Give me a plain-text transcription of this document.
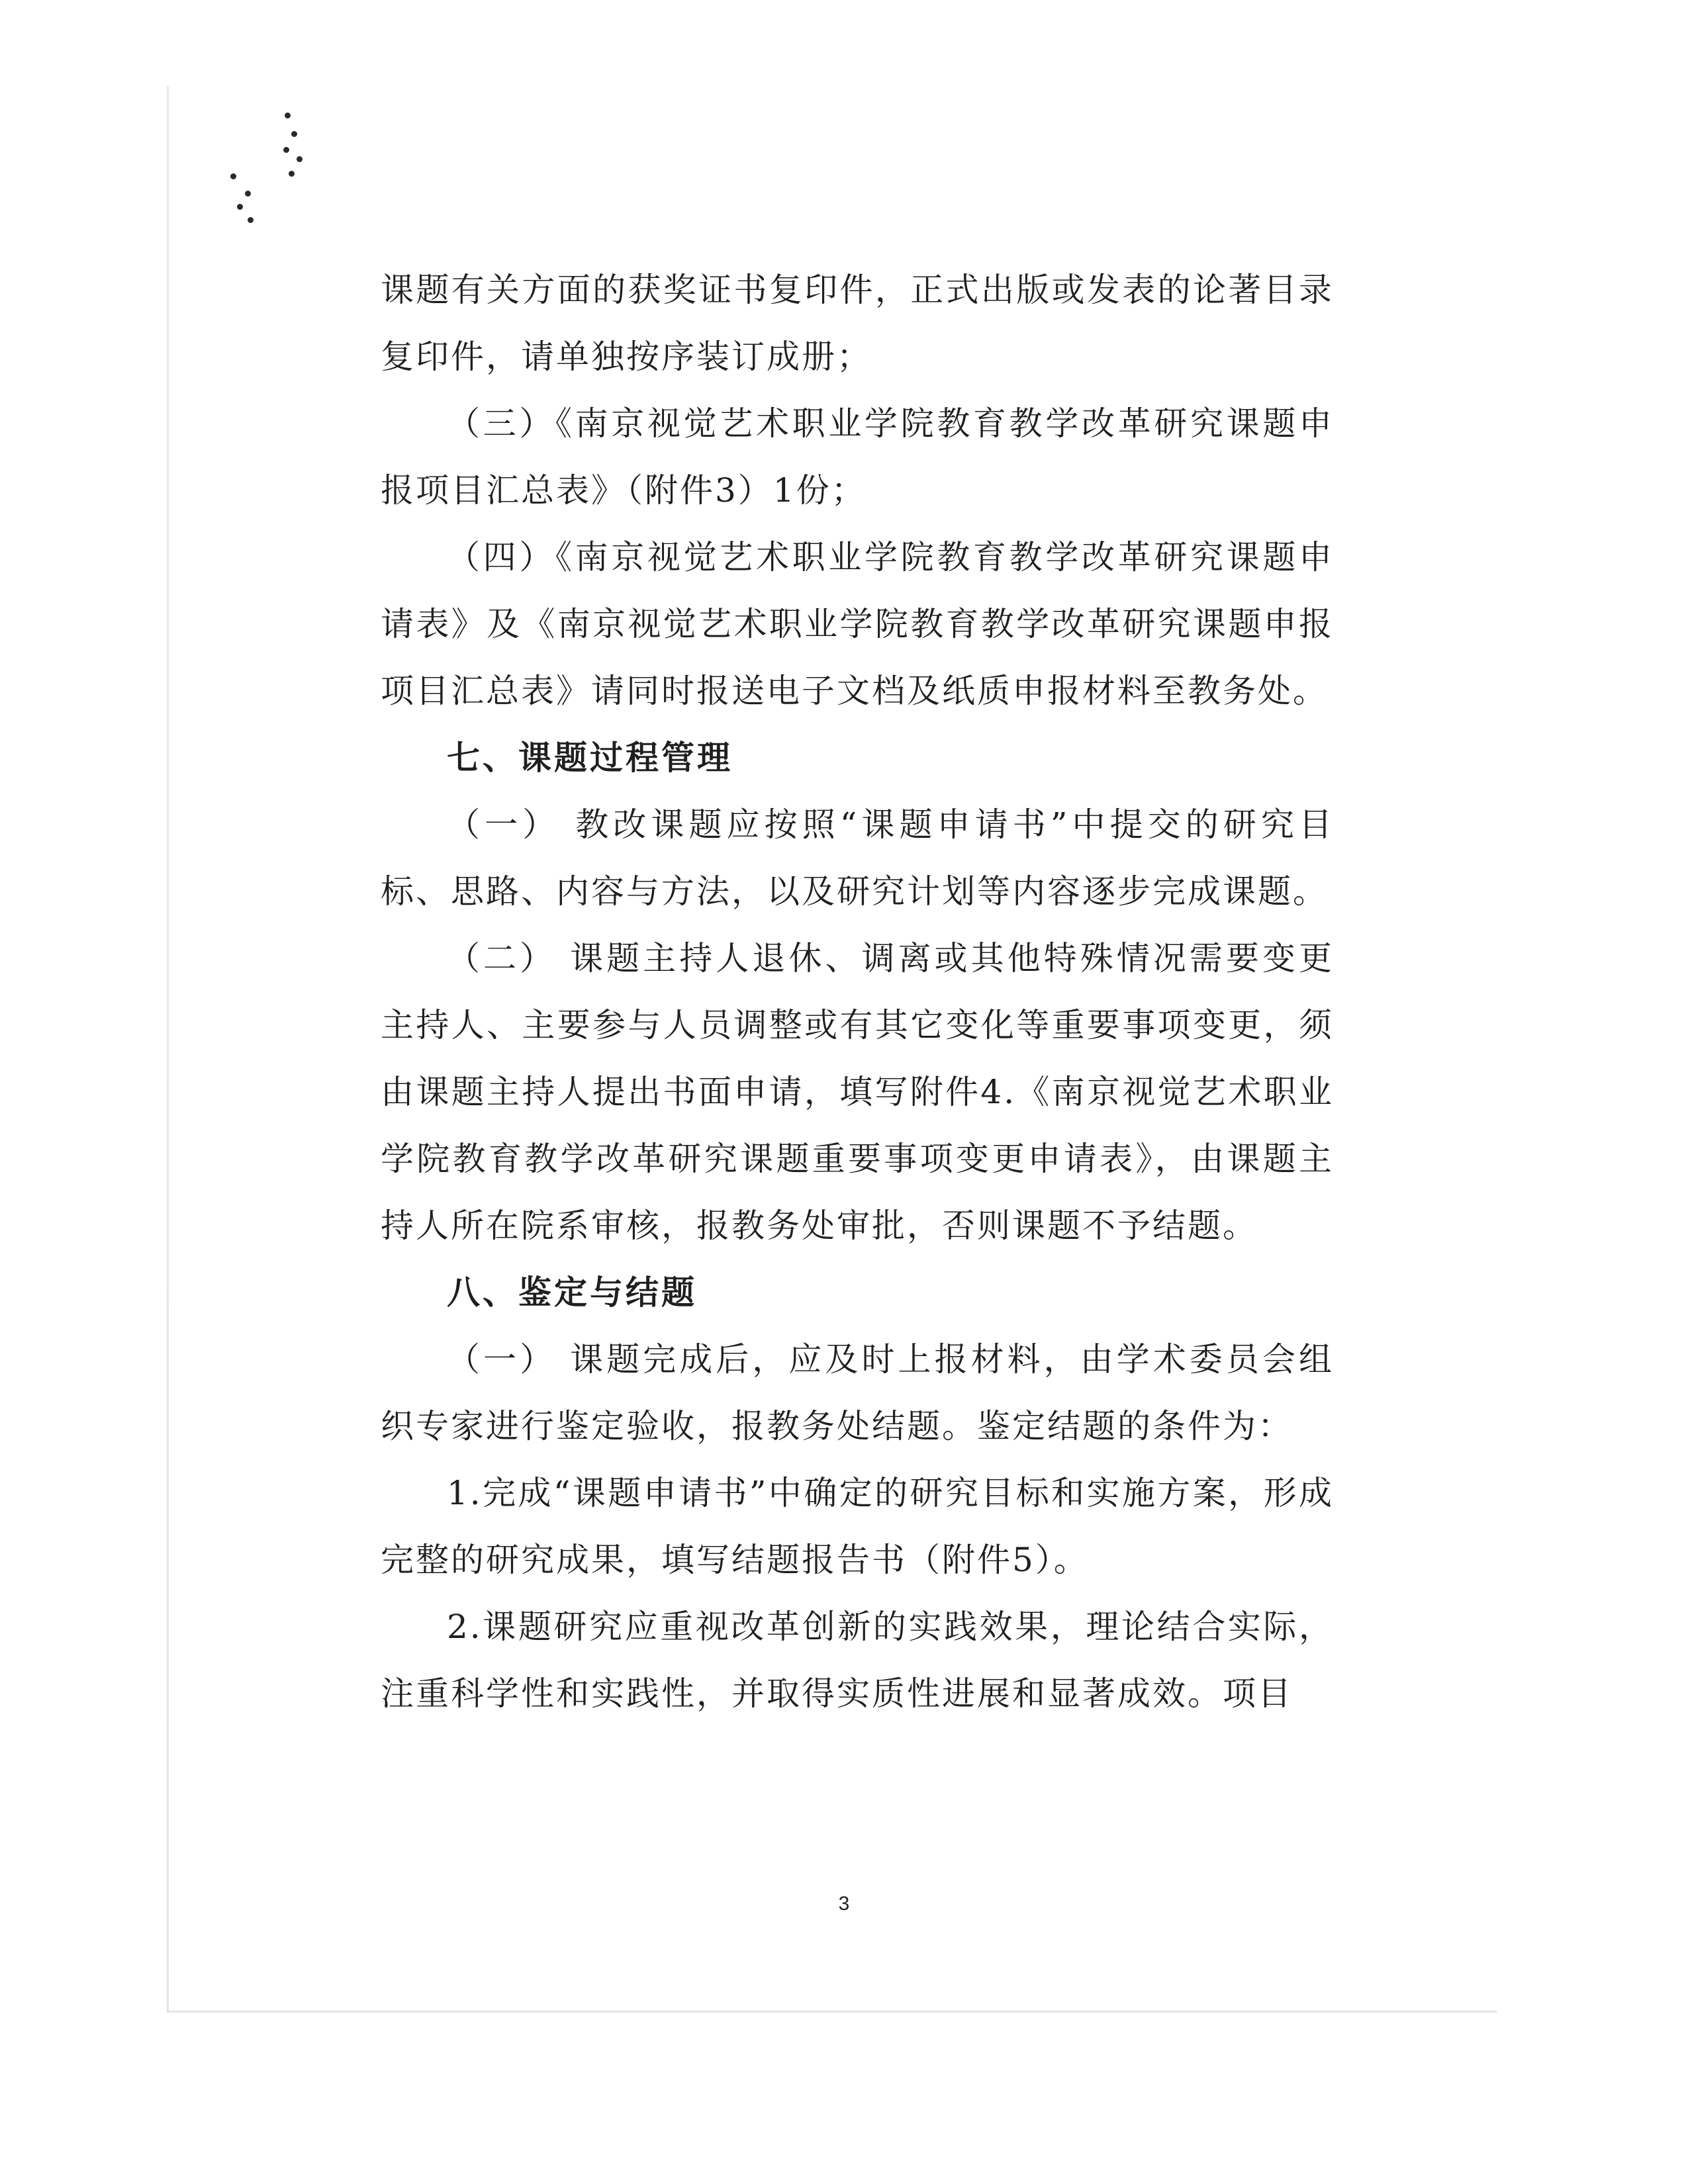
课题有关方面的获奖证书复印件，正式出版或发表的论著目录复印件，请单独按序装订成册；

（三）《南京视觉艺术职业学院教育教学改革研究课题申报项目汇总表》（附件3）1份；

（四）《南京视觉艺术职业学院教育教学改革研究课题申请表》及《南京视觉艺术职业学院教育教学改革研究课题申报项目汇总表》请同时报送电子文档及纸质申报材料至教务处。

七、课题过程管理

（一） 教改课题应按照“课题申请书”中提交的研究目标、思路、内容与方法，以及研究计划等内容逐步完成课题。

（二） 课题主持人退休、调离或其他特殊情况需要变更主持人、主要参与人员调整或有其它变化等重要事项变更，须由课题主持人提出书面申请，填写附件4.《南京视觉艺术职业学院教育教学改革研究课题重要事项变更申请表》，由课题主持人所在院系审核，报教务处审批，否则课题不予结题。

八、鉴定与结题

（一） 课题完成后，应及时上报材料，由学术委员会组织专家进行鉴定验收，报教务处结题。鉴定结题的条件为：

1.完成“课题申请书”中确定的研究目标和实施方案，形成完整的研究成果，填写结题报告书（附件5）。

2.课题研究应重视改革创新的实践效果，理论结合实际，注重科学性和实践性，并取得实质性进展和显著成效。项目

3
